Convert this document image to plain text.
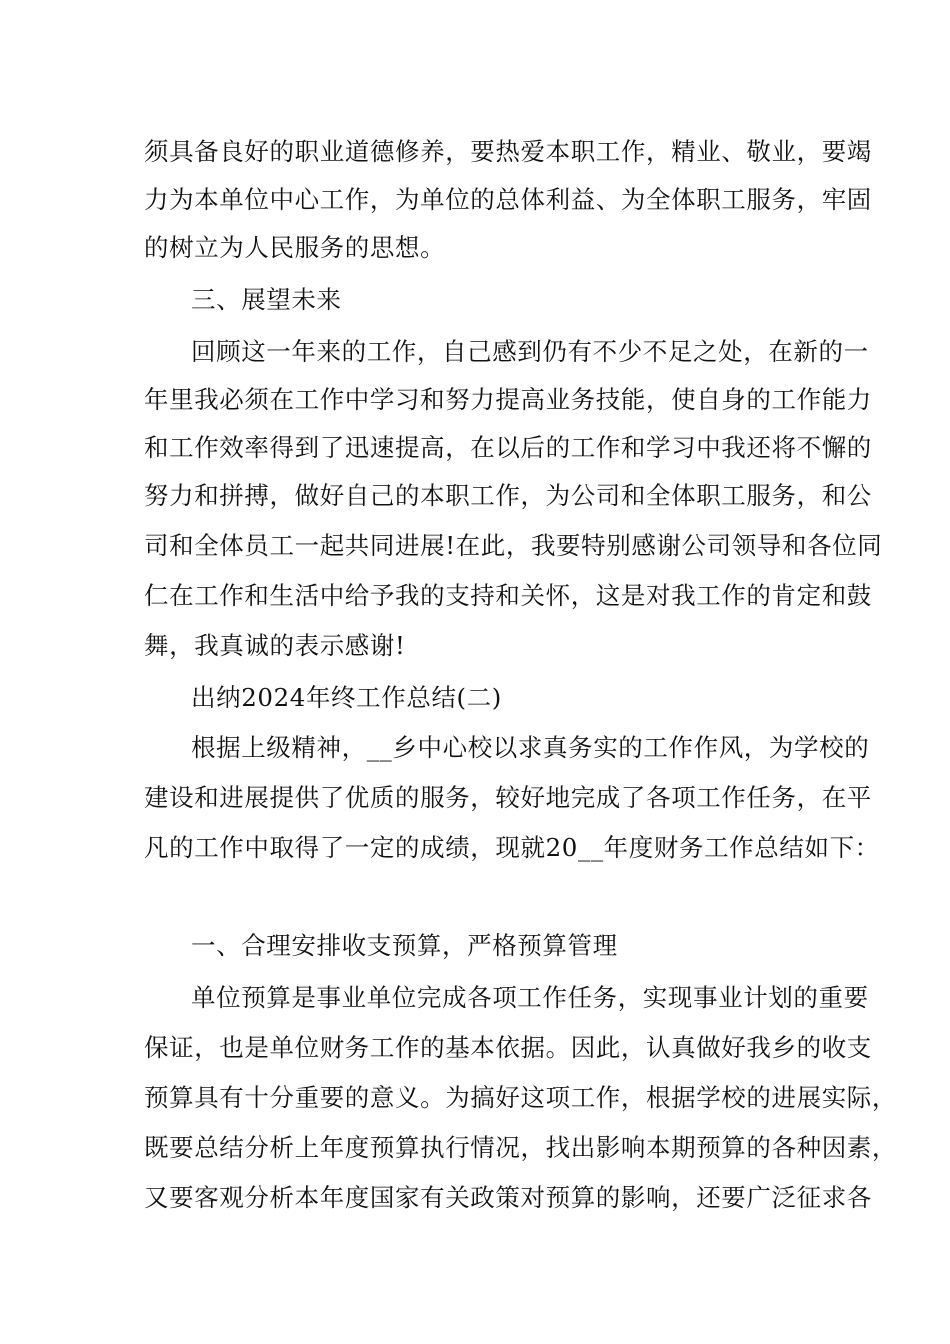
须具备良好的职业道德修养，要热爱本职工作，精业、敬业，要竭
力为本单位中心工作，为单位的总体利益、为全体职工服务，牢固
的树立为人民服务的思想。
三、展望未来
回顾这一年来的工作，自己感到仍有不少不足之处，在新的一
年里我必须在工作中学习和努力提高业务技能，使自身的工作能力
和工作效率得到了迅速提高，在以后的工作和学习中我还将不懈的
努力和拼搏，做好自己的本职工作，为公司和全体职工服务，和公
司和全体员工一起共同进展!在此，我要特别感谢公司领导和各位同
仁在工作和生活中给予我的支持和关怀，这是对我工作的肯定和鼓
舞，我真诚的表示感谢!
出纳2024年终工作总结(二)
根据上级精神，__乡中心校以求真务实的工作作风，为学校的
建设和进展提供了优质的服务，较好地完成了各项工作任务，在平
凡的工作中取得了一定的成绩，现就20__年度财务工作总结如下：
一、合理安排收支预算，严格预算管理
单位预算是事业单位完成各项工作任务，实现事业计划的重要
保证，也是单位财务工作的基本依据。因此，认真做好我乡的收支
预算具有十分重要的意义。为搞好这项工作，根据学校的进展实际，
既要总结分析上年度预算执行情况，找出影响本期预算的各种因素，
又要客观分析本年度国家有关政策对预算的影响，还要广泛征求各
